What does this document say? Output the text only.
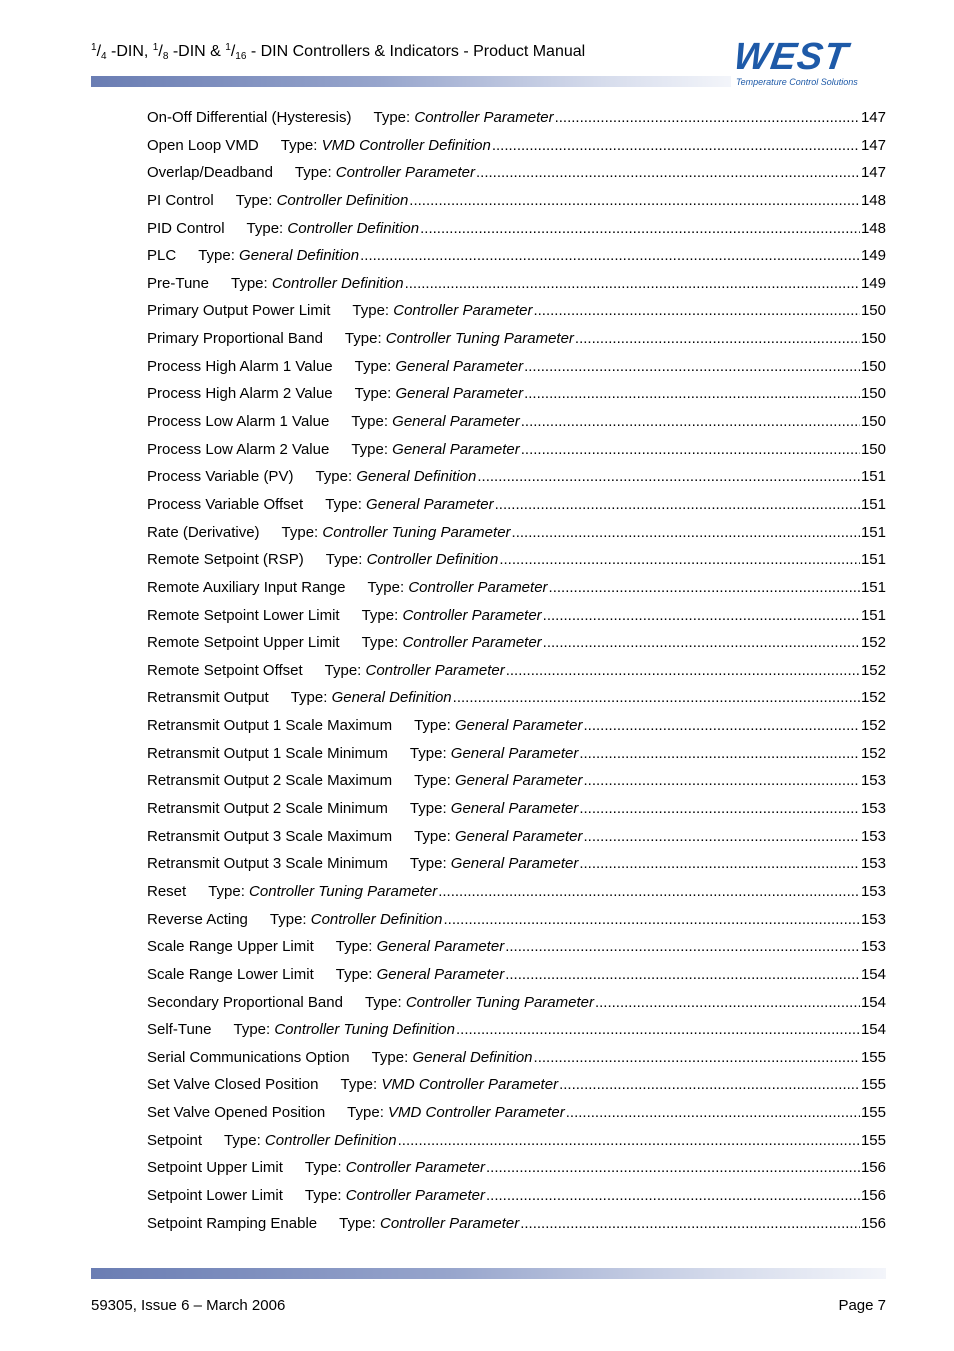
$^1/_4$ -DIN, $^1/_8$ -DIN & $^1/_{16}$ - DIN Controllers & Indicators - Product Manual	WEST
Temperature Control Solutions
On-Off Differential (Hysteresis)	Type: Controller Parameter .....	147
Open Loop VMD	Type: VMD Controller Definition .....	147
Overlap/Deadband	Type: Controller Parameter .....	147
PI Control	Type: Controller Definition .....	148
PID Control	Type: Controller Definition .....	148
PLC	Type: General Definition .....	149
Pre-Tune	Type: Controller Definition .....	149
Primary Output Power Limit	Type: Controller Parameter .....	150
Primary Proportional Band	Type: Controller Tuning Parameter .....	150
Process High Alarm 1 Value	Type: General Parameter .....	150
Process High Alarm 2 Value	Type: General Parameter .....	150
Process Low Alarm 1 Value	Type: General Parameter .....	150
Process Low Alarm 2 Value	Type: General Parameter .....	150
Process Variable (PV)	Type: General Definition .....	151
Process Variable Offset	Type: General Parameter .....	151
Rate (Derivative)	Type: Controller Tuning Parameter .....	151
Remote Setpoint (RSP)	Type: Controller Definition .....	151
Remote Auxiliary Input Range	Type: Controller Parameter .....	151
Remote Setpoint Lower Limit	Type: Controller Parameter .....	151
Remote Setpoint Upper Limit	Type: Controller Parameter .....	152
Remote Setpoint Offset	Type: Controller Parameter .....	152
Retransmit Output	Type: General Definition .....	152
Retransmit Output 1 Scale Maximum	Type: General Parameter .....	152
Retransmit Output 1 Scale Minimum	Type: General Parameter .....	152
Retransmit Output 2 Scale Maximum	Type: General Parameter .....	153
Retransmit Output 2 Scale Minimum	Type: General Parameter .....	153
Retransmit Output 3 Scale Maximum	Type: General Parameter .....	153
Retransmit Output 3 Scale Minimum	Type: General Parameter .....	153
Reset	Type: Controller Tuning Parameter .....	153
Reverse Acting	Type: Controller Definition .....	153
Scale Range Upper Limit	Type: General Parameter .....	153
Scale Range Lower Limit	Type: General Parameter .....	154
Secondary Proportional Band	Type: Controller Tuning Parameter .....	154
Self-Tune	Type: Controller Tuning Definition .....	154
Serial Communications Option	Type: General Definition .....	155
Set Valve Closed Position	Type: VMD Controller Parameter .....	155
Set Valve Opened Position	Type: VMD Controller Parameter .....	155
Setpoint	Type: Controller Definition .....	155
Setpoint Upper Limit	Type: Controller Parameter .....	156
Setpoint Lower Limit	Type: Controller Parameter .....	156
Setpoint Ramping Enable	Type: Controller Parameter .....	156
59305, Issue 6 – March 2006	Page 7
